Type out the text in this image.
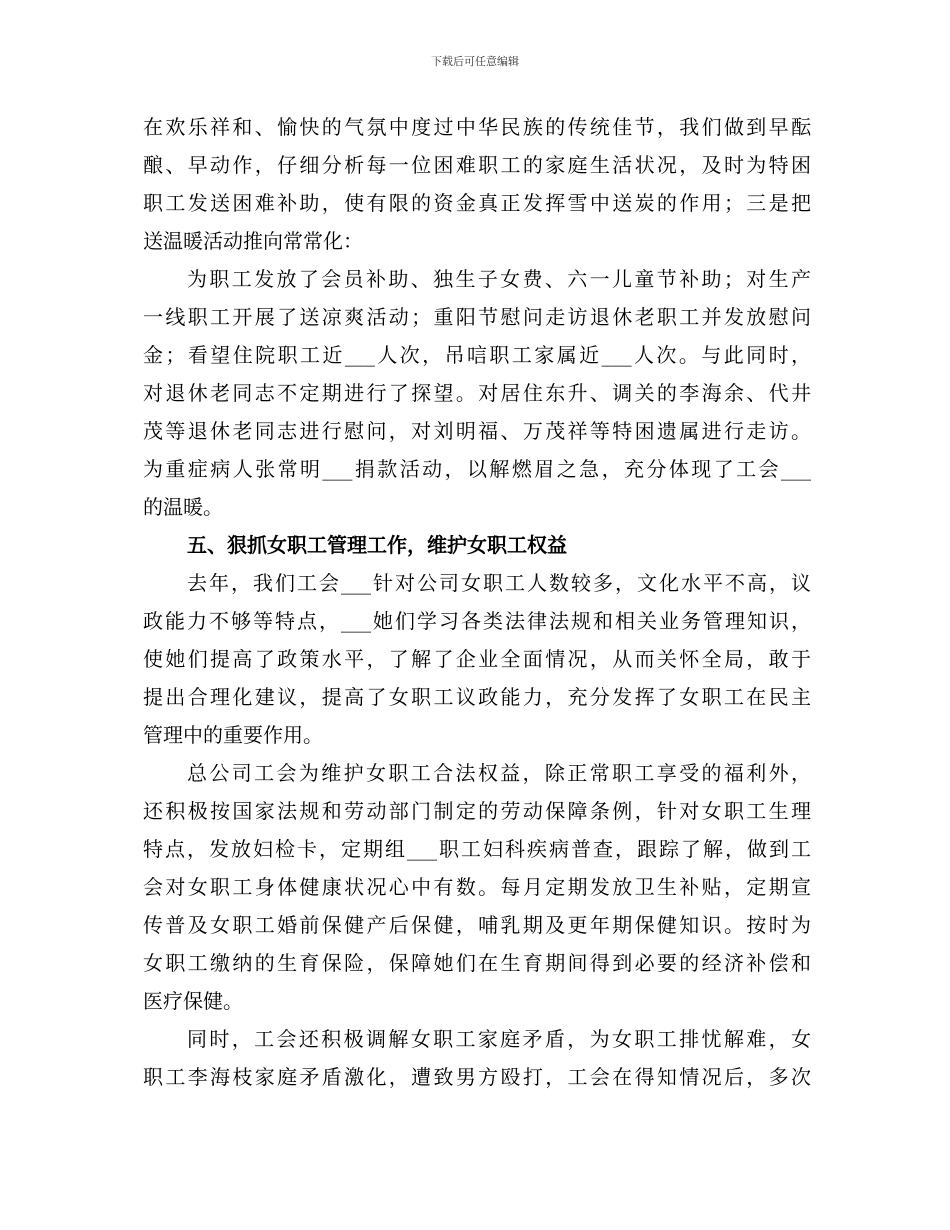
下载后可任意编辑
在欢乐祥和、愉快的气氛中度过中华民族的传统佳节，我们做到早酝
酿、早动作，仔细分析每一位困难职工的家庭生活状况，及时为特困
职工发送困难补助，使有限的资金真正发挥雪中送炭的作用；三是把
送温暖活动推向常常化：
为职工发放了会员补助、独生子女费、六一儿童节补助；对生产
一线职工开展了送凉爽活动；重阳节慰问走访退休老职工并发放慰问
金；看望住院职工近___人次，吊唁职工家属近___人次。与此同时，
对退休老同志不定期进行了探望。对居住东升、调关的李海余、代井
茂等退休老同志进行慰问，对刘明福、万茂祥等特困遗属进行走访。
为重症病人张常明___捐款活动，以解燃眉之急，充分体现了工会___
的温暖。
五、狠抓女职工管理工作，维护女职工权益
去年，我们工会___针对公司女职工人数较多，文化水平不高，议
政能力不够等特点，___她们学习各类法律法规和相关业务管理知识，
使她们提高了政策水平，了解了企业全面情况，从而关怀全局，敢于
提出合理化建议，提高了女职工议政能力，充分发挥了女职工在民主
管理中的重要作用。
总公司工会为维护女职工合法权益，除正常职工享受的福利外，
还积极按国家法规和劳动部门制定的劳动保障条例，针对女职工生理
特点，发放妇检卡，定期组___职工妇科疾病普查，跟踪了解，做到工
会对女职工身体健康状况心中有数。每月定期发放卫生补贴，定期宣
传普及女职工婚前保健产后保健，哺乳期及更年期保健知识。按时为
女职工缴纳的生育保险，保障她们在生育期间得到必要的经济补偿和
医疗保健。
同时，工会还积极调解女职工家庭矛盾，为女职工排忧解难，女
职工李海枝家庭矛盾激化，遭致男方殴打，工会在得知情况后，多次
